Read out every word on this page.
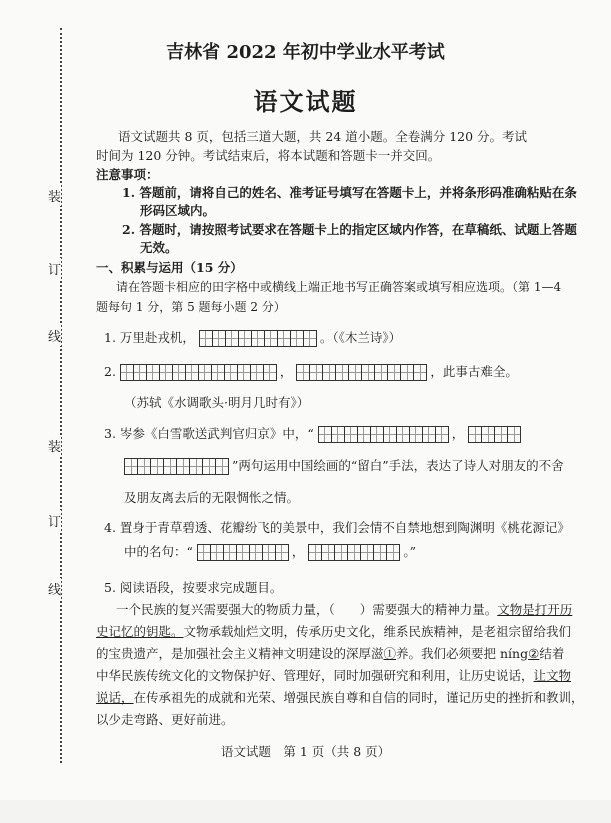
装
订
线
装
订
线
吉林省 2022 年初中学业水平考试
语文试题
语文试题共 8 页，包括三道大题，共 24 道小题。全卷满分 120 分。考试
时间为 120 分钟。考试结束后，将本试题和答题卡一并交回。
注意事项：
1. 答题前，请将自己的姓名、准考证号填写在答题卡上，并将条形码准确粘贴在条
形码区域内。
2. 答题时，请按照考试要求在答题卡上的指定区域内作答，在草稿纸、试题上答题
无效。
一、积累与运用（15 分）
请在答题卡相应的田字格中或横线上端正地书写正确答案或填写相应选项。（第 1—4
题每句 1 分，第 5 题每小题 2 分）
1. 万里赴戎机，	。（《木兰诗》）
2.	，	，此事古难全。
（苏轼《水调歌头·明月几时有》）
3. 岑参《白雪歌送武判官归京》中，“	，
”两句运用中国绘画的“留白”手法，表达了诗人对朋友的不舍
及朋友离去后的无限惆怅之情。
4. 置身于青草碧透、花瓣纷飞的美景中，我们会情不自禁地想到陶渊明《桃花源记》
中的名句：“	，	。”
5. 阅读语段，按要求完成题目。
一个民族的复兴需要强大的物质力量，（　　）需要强大的精神力量。文物是打开历
史记忆的钥匙。文物承载灿烂文明，传承历史文化，维系民族精神，是老祖宗留给我们
的宝贵遗产，是加强社会主义精神文明建设的深厚滋①养。我们必须要把 níng②结着
中华民族传统文化的文物保护好、管理好，同时加强研究和利用，让历史说话，让文物
说话，在传承祖先的成就和光荣、增强民族自尊和自信的同时，谨记历史的挫折和教训，
以少走弯路、更好前进。
语文试题　第 1 页（共 8 页）
